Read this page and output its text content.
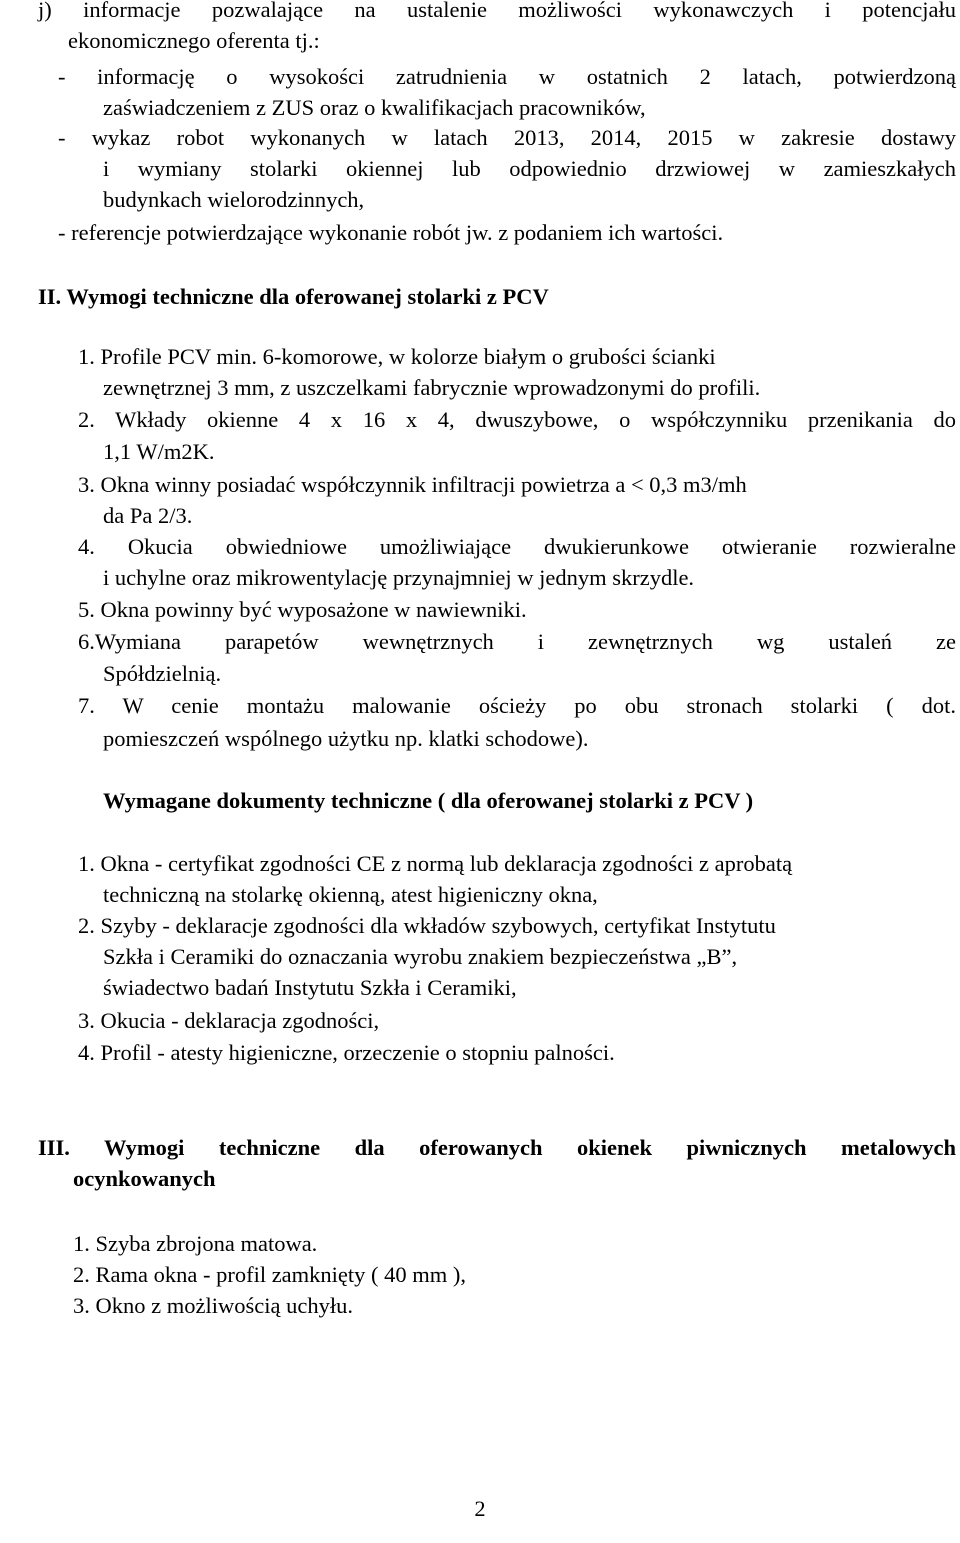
j) informacje pozwalające na ustalenie możliwości wykonawczych i potencjału
ekonomicznego oferenta tj.:
- informację o wysokości zatrudnienia w ostatnich 2 latach, potwierdzoną
zaświadczeniem z ZUS oraz o kwalifikacjach pracowników,
- wykaz robot wykonanych w latach 2013, 2014, 2015 w zakresie dostawy
i wymiany stolarki okiennej lub odpowiednio drzwiowej w zamieszkałych
budynkach wielorodzinnych,
- referencje potwierdzające wykonanie robót jw. z podaniem ich wartości.
II. Wymogi techniczne dla oferowanej stolarki z PCV
1. Profile PCV min. 6-komorowe, w kolorze białym o grubości ścianki
zewnętrznej 3 mm, z uszczelkami fabrycznie wprowadzonymi do profili.
2. Wkłady okienne 4 x 16 x 4, dwuszybowe, o współczynniku przenikania do
1,1 W/m2K.
3. Okna winny posiadać współczynnik infiltracji powietrza a < 0,3 m3/mh
da Pa 2/3.
4. Okucia obwiedniowe umożliwiające dwukierunkowe otwieranie rozwieralne
i uchylne oraz mikrowentylację przynajmniej w jednym skrzydle.
5. Okna powinny być wyposażone w nawiewniki.
6.Wymiana parapetów wewnętrznych i zewnętrznych wg ustaleń ze
Spółdzielnią.
7. W cenie montażu malowanie ościeży po obu stronach stolarki ( dot.
pomieszczeń wspólnego użytku np. klatki schodowe).
Wymagane dokumenty techniczne ( dla oferowanej stolarki z PCV )
1. Okna - certyfikat zgodności CE z normą lub deklaracja zgodności z aprobatą
techniczną na stolarkę okienną, atest higieniczny okna,
2. Szyby - deklaracje zgodności dla wkładów szybowych, certyfikat Instytutu
Szkła i Ceramiki do oznaczania wyrobu znakiem bezpieczeństwa „B”,
świadectwo badań Instytutu Szkła i Ceramiki,
3. Okucia - deklaracja zgodności,
4. Profil - atesty higieniczne, orzeczenie o stopniu palności.
III. Wymogi techniczne dla oferowanych okienek piwnicznych metalowych
ocynkowanych
1. Szyba zbrojona matowa.
2. Rama okna - profil zamknięty ( 40 mm ),
3. Okno z możliwością uchyłu.
2
